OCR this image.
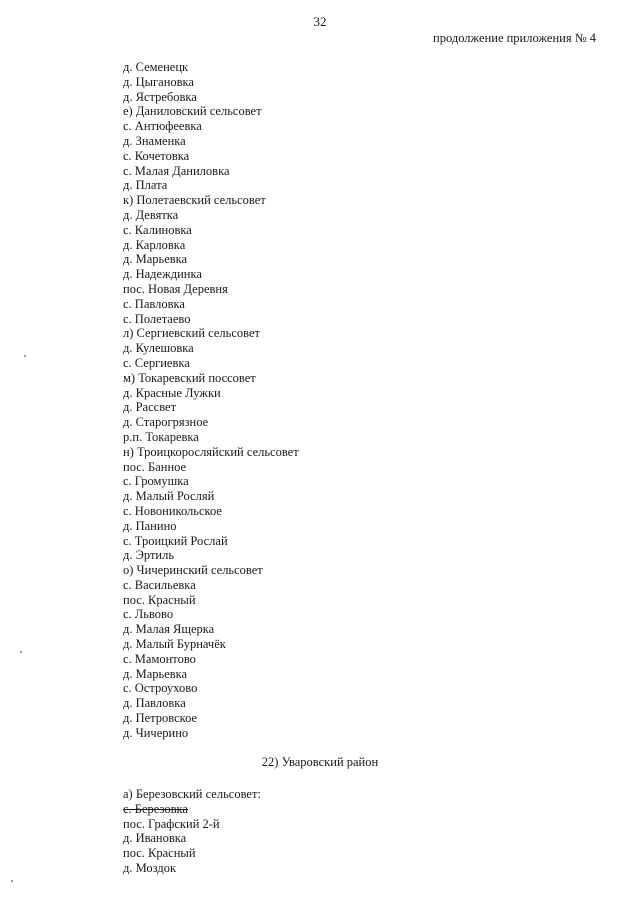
32

продолжение приложения № 4

д. Семенецк
д. Цыгановка
д. Ястребовка
е) Даниловский сельсовет
с. Антюфеевка
д. Знаменка
с. Кочетовка
с. Малая Даниловка
д. Плата
к) Полетаевский сельсовет
д. Девятка
с. Калиновка
д. Карловка
д. Марьевка
д. Надеждинка
пос. Новая Деревня
с. Павловка
с. Полетаево
л) Сергиевский сельсовет
д. Кулешовка
с. Сергиевка
м) Токаревский поссовет
д. Красные Лужки
д. Рассвет
д. Старогрязное
р.п. Токаревка
н) Троицкоросляйский сельсовет
пос. Банное
с. Громушка
д. Малый Росляй
с. Новоникольское
д. Панино
с. Троицкий Рослай
д. Эртиль
о) Чичеринский сельсовет
с. Васильевка
пос. Красный
с. Львово
д. Малая Ящерка
д. Малый Бурначёк
с. Мамонтово
д. Марьевка
с. Остроухово
д. Павловка
д. Петровское
д. Чичерино
22) Уваровский район
а) Березовский сельсовет:
с. Березовка
пос. Графский 2-й
д. Ивановка
пос. Красный
д. Моздок
